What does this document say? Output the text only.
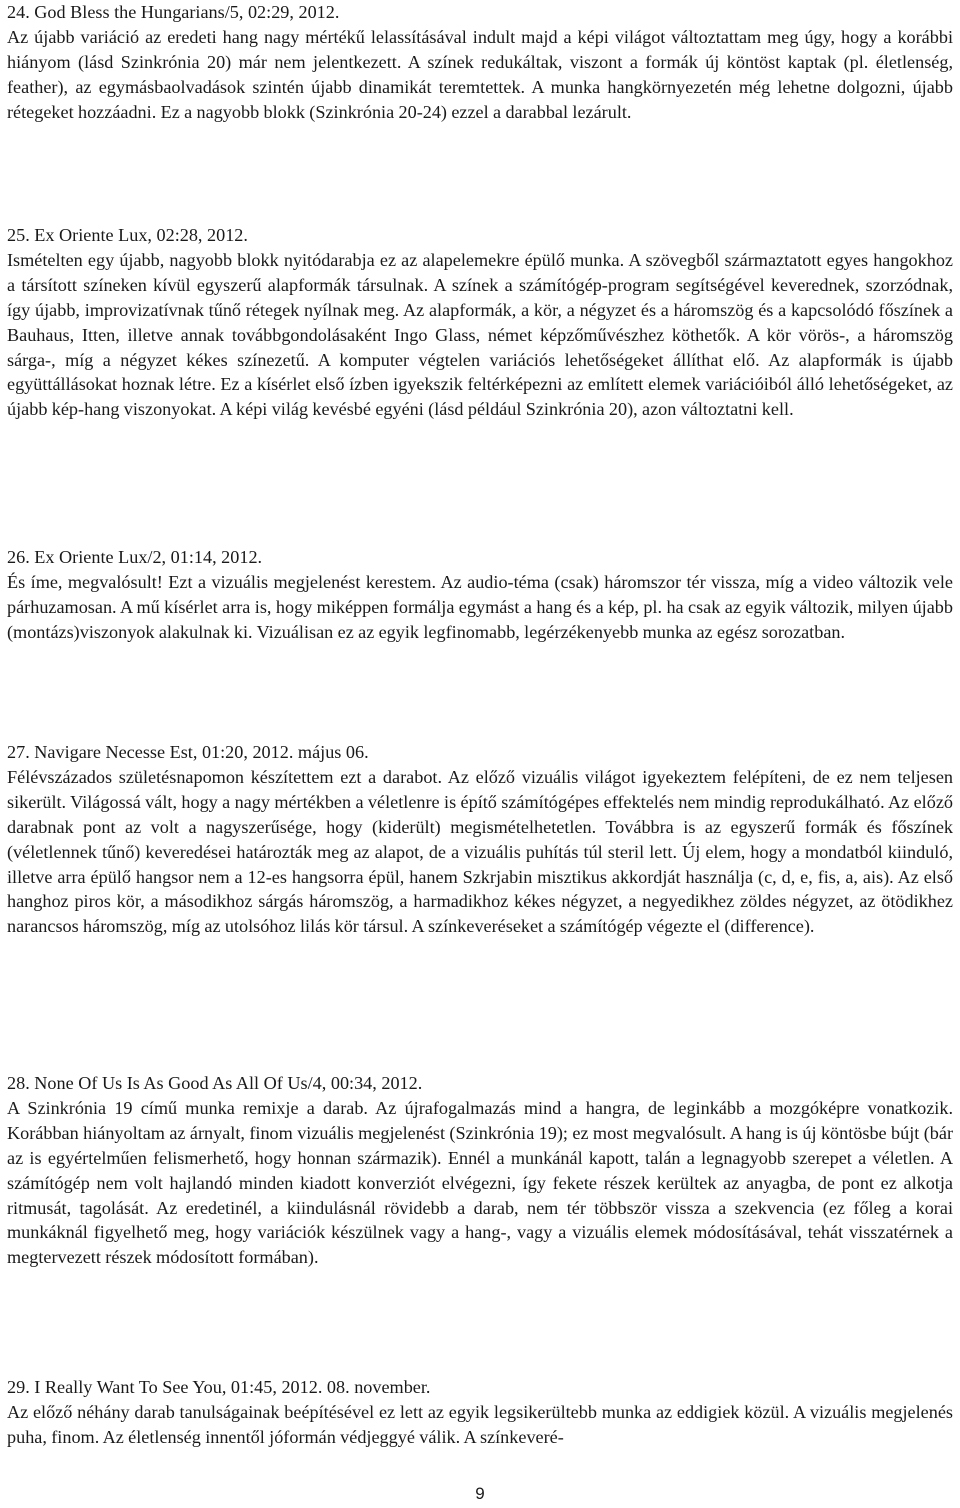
24. God Bless the Hungarians/5, 02:29, 2012.

Az újabb variáció az eredeti hang nagy mértékű lelassításával indult majd a képi világot változtattam meg úgy, hogy a korábbi hiányom (lásd Szinkrónia 20) már nem jelentkezett. A színek redukáltak, viszont a formák új köntöst kaptak (pl. életlenség, feather), az egymásbaolvadások szintén újabb dinamikát teremtettek. A munka hangkörnyezetén még lehetne dolgozni, újabb rétegeket hozzáadni. Ez a nagyobb blokk (Szinkrónia 20-24) ezzel a darabbal lezárult.

25. Ex Oriente Lux, 02:28, 2012.

Ismételten egy újabb, nagyobb blokk nyitódarabja ez az alapelemekre épülő munka. A szövegből származtatott egyes hangokhoz a társított színeken kívül egyszerű alapformák társulnak. A színek a számítógép-program segítségével keverednek, szorzódnak, így újabb, improvizatívnak tűnő rétegek nyílnak meg. Az alapformák, a kör, a négyzet és a háromszög és a kapcsolódó főszínek a Bauhaus, Itten, illetve annak továbbgondolásaként Ingo Glass, német képzőművészhez köthetők. A kör vörös-, a háromszög sárga-, míg a négyzet kékes színezetű. A komputer végtelen variációs lehetőségeket állíthat elő. Az alapformák is újabb együttállásokat hoznak létre. Ez a kísérlet első ízben igyekszik feltérképezni az említett elemek variációiból álló lehetőségeket, az újabb kép-hang viszonyokat. A képi világ kevésbé egyéni (lásd például Szinkrónia 20), azon változtatni kell.

26. Ex Oriente Lux/2, 01:14, 2012.

És íme, megvalósult! Ezt a vizuális megjelenést kerestem. Az audio-téma (csak) háromszor tér vissza, míg a video változik vele párhuzamosan. A mű kísérlet arra is, hogy miképpen formálja egymást a hang és a kép, pl. ha csak az egyik változik, milyen újabb (montázs)viszonyok alakulnak ki. Vizuálisan ez az egyik legfinomabb, legérzékenyebb munka az egész sorozatban.

27. Navigare Necesse Est, 01:20, 2012. május 06.

Félévszázados születésnapomon készítettem ezt a darabot. Az előző vizuális világot igyekeztem felépíteni, de ez nem teljesen sikerült. Világossá vált, hogy a nagy mértékben a véletlenre is építő számítógépes effektelés nem mindig reprodukálható. Az előző darabnak pont az volt a nagyszerűsége, hogy (kiderült) megismételhetetlen. Továbbra is az egyszerű formák és főszínek (véletlennek tűnő) keveredései határozták meg az alapot, de a vizuális puhítás túl steril lett. Új elem, hogy a mondatból kiinduló, illetve arra épülő hangsor nem a 12-es hangsorra épül, hanem Szkrjabin misztikus akkordját használja (c, d, e, fis, a, ais). Az első hanghoz piros kör, a másodikhoz sárgás háromszög, a harmadikhoz kékes négyzet, a negyedikhez zöldes négyzet, az ötödikhez narancsos háromszög, míg az utolsóhoz lilás kör társul. A színkeveréseket a számítógép végezte el (difference).

28. None Of Us Is As Good As All Of Us/4, 00:34, 2012.

A Szinkrónia 19 című munka remixje a darab. Az újrafogalmazás mind a hangra, de leginkább a mozgóképre vonatkozik. Korábban hiányoltam az árnyalt, finom vizuális megjelenést (Szinkrónia 19); ez most megvalósult. A hang is új köntösbe bújt (bár az is egyértelműen felismerhető, hogy honnan származik). Ennél a munkánál kapott, talán a legnagyobb szerepet a véletlen. A számítógép nem volt hajlandó minden kiadott konverziót elvégezni, így fekete részek kerültek az anyagba, de pont ez alkotja ritmusát, tagolását. Az eredetinél, a kiindulásnál rövidebb a darab, nem tér többször vissza a szekvencia (ez főleg a korai munkáknál figyelhető meg, hogy variációk készülnek vagy a hang-, vagy a vizuális elemek módosításával, tehát visszatérnek a megtervezett részek módosított formában).

29. I Really Want To See You, 01:45, 2012. 08. november.

Az előző néhány darab tanulságainak beépítésével ez lett az egyik legsikerültebb munka az eddigiek közül. A vizuális megjelenés puha, finom. Az életlenség innentől jóformán védjeggyé válik. A színkeveré-

9
